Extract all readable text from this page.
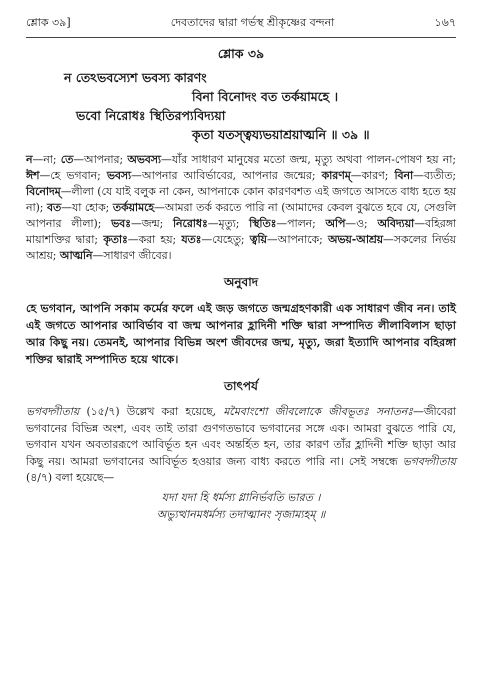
শ্লোক ৩৯]	দেবতাদের দ্বারা গর্ভস্থ শ্রীকৃষ্ণের বন্দনা	১৬৭
শ্লোক ৩৯
ন তেঽভবস্যেশ ভবস্য কারণং
বিনা বিনোদং বত তর্কয়ামহে ।
ভবো নিরোধঃ স্থিতিরপ্যবিদ্যয়া
কৃতা যতস্ত্বয্যভয়াশ্রয়াত্মনি ॥ ৩৯ ॥
ন—না; তে—আপনার; অভবস্য—যাঁর সাধারণ মানুষের মতো জন্ম, মৃত্যু অথবা পালন-পোষণ হয় না; ঈশ—হে ভগবান; ভবস্য—আপনার আবির্ভাবের, আপনার জন্মের; কারণম্—কারণ; বিনা—ব্যতীত; বিনোদম্—লীলা (যে যাই বলুক না কেন, আপনাকে কোন কারণবশত এই জগতে আসতে বাধ্য হতে হয় না); বত—যা হোক; তর্কয়ামহে—আমরা তর্ক করতে পারি না (আমাদের কেবল বুঝতে হবে যে, সেগুলি আপনার লীলা); ভবঃ—জন্ম; নিরোধঃ—মৃত্যু; স্থিতিঃ—পালন; অপি—ও; অবিদ্যয়া—বহিরঙ্গা মায়াশক্তির দ্বারা; কৃতাঃ—করা হয়; যতঃ—যেহেতু; ত্বয়ি—আপনাকে; অভয়-আশ্রয়—সকলের নির্ভয় আশ্রয়; আত্মনি—সাধারণ জীবের।
অনুবাদ
হে ভগবান, আপনি সকাম কর্মের ফলে এই জড় জগতে জন্মগ্রহণকারী এক সাধারণ জীব নন। তাই এই জগতে আপনার আবির্ভাব বা জন্ম আপনার হ্লাদিনী শক্তি দ্বারা সম্পাদিত লীলাবিলাস ছাড়া আর কিছু নয়। তেমনই, আপনার বিভিন্ন অংশ জীবদের জন্ম, মৃত্যু, জরা ইত্যাদি আপনার বহিরঙ্গা শক্তির দ্বারাই সম্পাদিত হয়ে থাকে।
তাৎপর্য
ভগবদ্গীতায় (১৫/৭) উল্লেখ করা হয়েছে, মমৈবাংশো জীবলোকে জীবভূতঃ সনাতনঃ—জীবেরা ভগবানের বিভিন্ন অংশ, এবং তাই তারা গুণগতভাবে ভগবানের সঙ্গে এক। আমরা বুঝতে পারি যে, ভগবান যখন অবতাররূপে আবির্ভূত হন এবং অন্তর্হিত হন, তার কারণ তাঁর হ্লাদিনী শক্তি ছাড়া আর কিছু নয়। আমরা ভগবানের আবির্ভূত হওয়ার জন্য বাধ্য করতে পারি না। সেই সম্বন্ধে ভগবদ্গীতায় (৪/৭) বলা হয়েছে—
যদা যদা হি ধর্মস্য গ্লানির্ভবতি ভারত ।
অভ্যুত্থানমধর্মস্য তদাত্মানং সৃজাম্যহম্ ॥
